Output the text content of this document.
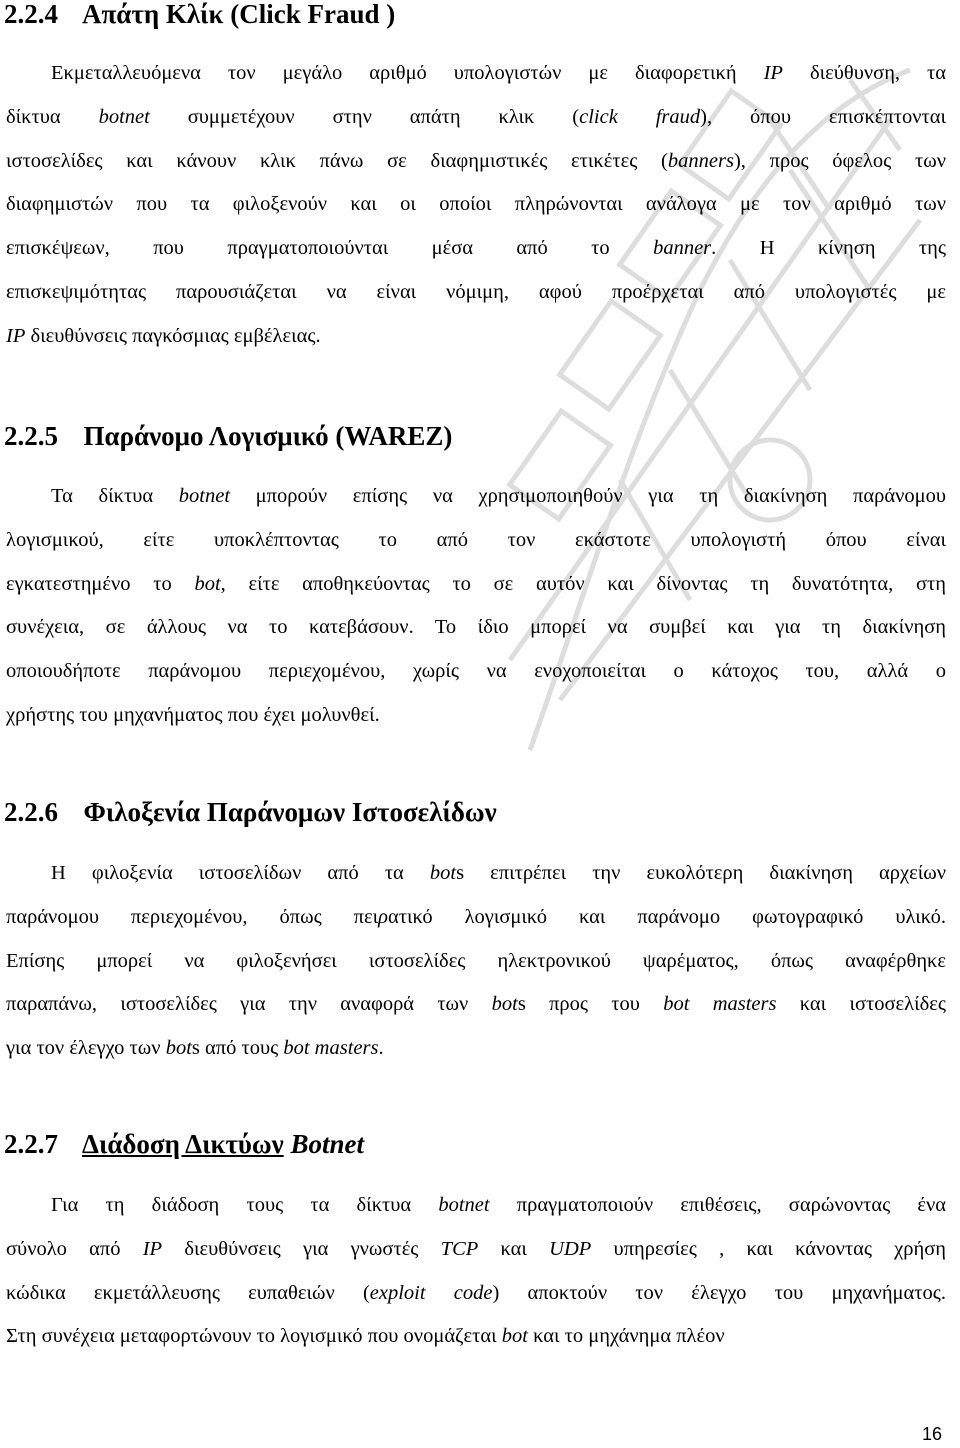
2.2.4 Απάτη Κλίκ (Click Fraud )
Εκμεταλλευόμενα τον μεγάλο αριθμό υπολογιστών με διαφορετική IP διεύθυνση, τα
δίκτυα botnet συμμετέχουν στην απάτη κλικ (click fraud), όπου επισκέπτονται
ιστοσελίδες και κάνουν κλικ πάνω σε διαφημιστικές ετικέτες (banners), προς όφελος των
διαφημιστών που τα φιλοξενούν και οι οποίοι πληρώνονται ανάλογα με τον αριθμό των
επισκέψεων, που πραγματοποιούνται μέσα από το banner. Η κίνηση της
επισκεψιμότητας παρουσιάζεται να είναι νόμιμη, αφού προέρχεται από υπολογιστές με
IP διευθύνσεις παγκόσμιας εμβέλειας.
2.2.5 Παράνομο Λογισμικό (WAREZ)
Τα δίκτυα botnet μπορούν επίσης να χρησιμοποιηθούν για τη διακίνηση παράνομου
λογισμικού, είτε υποκλέπτοντας το από τον εκάστοτε υπολογιστή όπου είναι
εγκατεστημένο το bot, είτε αποθηκεύοντας το σε αυτόν και δίνοντας τη δυνατότητα, στη
συνέχεια, σε άλλους να το κατεβάσουν. Το ίδιο μπορεί να συμβεί και για τη διακίνηση
οποιουδήποτε παράνομου περιεχομένου, χωρίς να ενοχοποιείται ο κάτοχος του, αλλά ο
χρήστης του μηχανήματος που έχει μολυνθεί.
2.2.6 Φιλοξενία Παράνομων Ιστοσελίδων
Η φιλοξενία ιστοσελίδων από τα bots επιτρέπει την ευκολότερη διακίνηση αρχείων
παράνομου περιεχομένου, όπως πειρατικό λογισμικό και παράνομο φωτογραφικό υλικό.
Επίσης μπορεί να φιλοξενήσει ιστοσελίδες ηλεκτρονικού ψαρέματος, όπως αναφέρθηκε
παραπάνω, ιστοσελίδες για την αναφορά των bots προς του bot masters και ιστοσελίδες
για τον έλεγχο των bots από τους bot masters.
2.2.7 Διάδοση Δικτύων Botnet
Για τη διάδοση τους τα δίκτυα botnet πραγματοποιούν επιθέσεις, σαρώνοντας ένα
σύνολο από IP διευθύνσεις για γνωστές TCP και UDP υπηρεσίες , και κάνοντας χρήση
κώδικα εκμετάλλευσης ευπαθειών (exploit code) αποκτούν τον έλεγχο του μηχανήματος.
Στη συνέχεια μεταφορτώνουν το λογισμικό που ονομάζεται bot και το μηχάνημα πλέον
16
